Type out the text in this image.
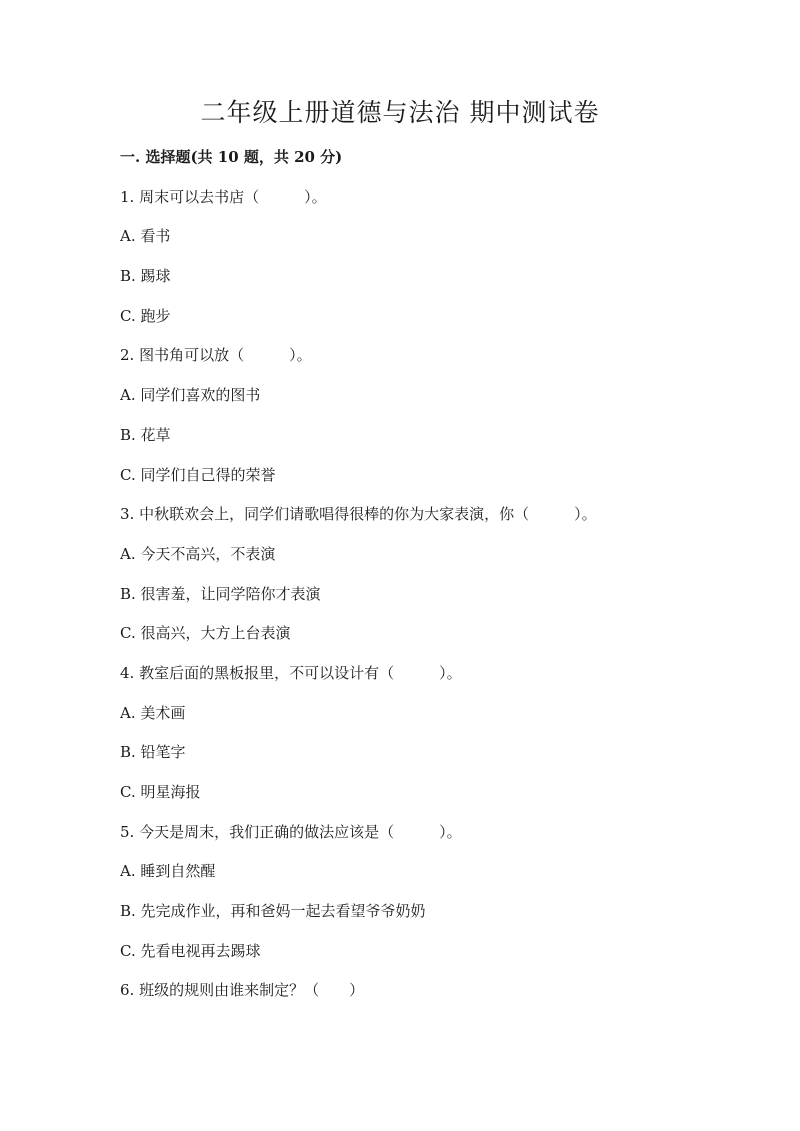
二年级上册道德与法治 期中测试卷
一. 选择题(共 10 题，共 20 分)
1. 周末可以去书店（　　　）。
A. 看书
B. 踢球
C. 跑步
2. 图书角可以放（　　　）。
A. 同学们喜欢的图书
B. 花草
C. 同学们自己得的荣誉
3. 中秋联欢会上，同学们请歌唱得很棒的你为大家表演，你（　　　）。
A. 今天不高兴，不表演
B. 很害羞，让同学陪你才表演
C. 很高兴，大方上台表演
4. 教室后面的黑板报里，不可以设计有（　　　）。
A. 美术画
B. 铅笔字
C. 明星海报
5. 今天是周末，我们正确的做法应该是（　　　）。
A. 睡到自然醒
B. 先完成作业，再和爸妈一起去看望爷爷奶奶
C. 先看电视再去踢球
6. 班级的规则由谁来制定？（　　）
